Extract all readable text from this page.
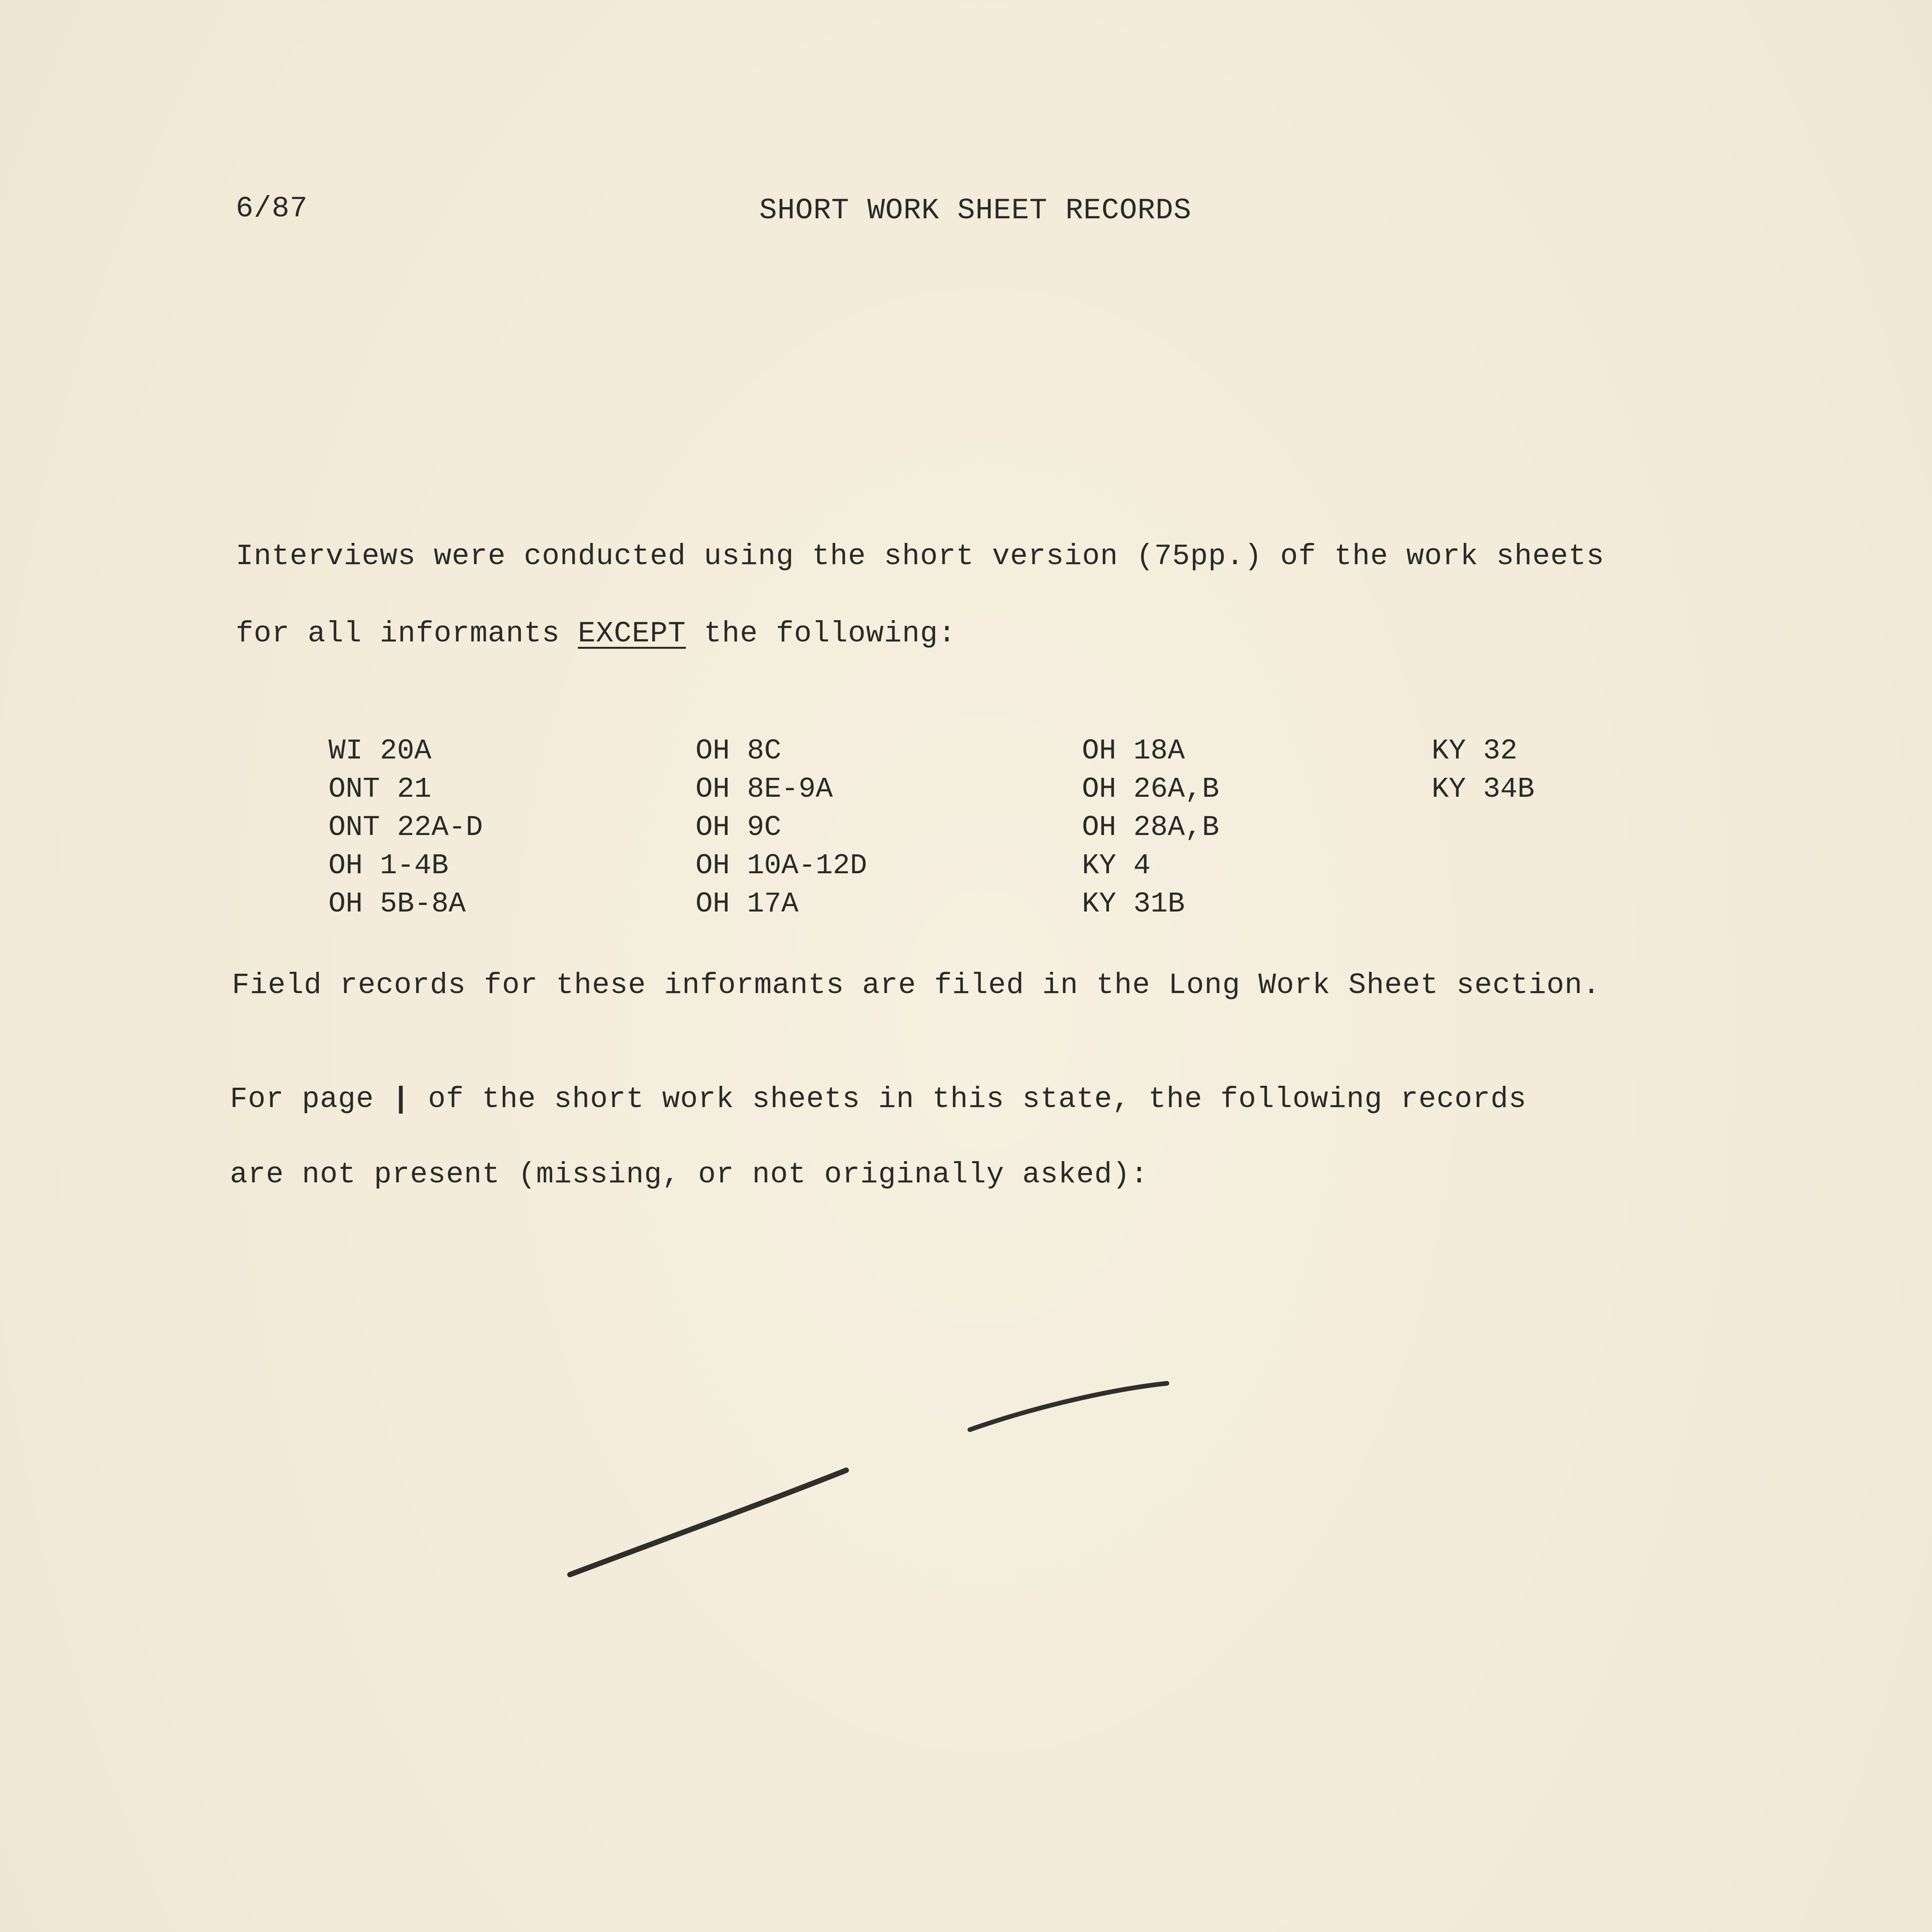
6/87	SHORT WORK SHEET RECORDS
Interviews were conducted using the short version (75pp.) of the work sheets
for all informants EXCEPT the following:
WI 20A
ONT 21
ONT 22A-D
OH 1-4B
OH 5B-8A
OH 8C
OH 8E-9A
OH 9C
OH 10A-12D
OH 17A
OH 18A
OH 26A,B
OH 28A,B
KY 4
KY 31B
KY 32
KY 34B
Field records for these informants are filed in the Long Work Sheet section.
For page | of the short work sheets in this state, the following records
are not present (missing, or not originally asked):
